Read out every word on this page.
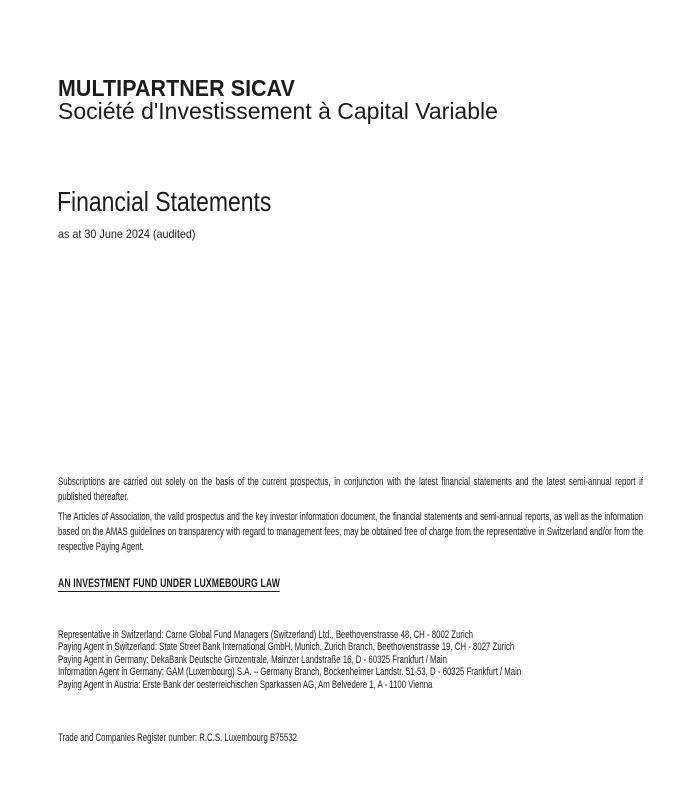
MULTIPARTNER SICAV
Société d'Investissement à Capital Variable
Financial Statements
as at 30 June 2024 (audited)

Subscriptions are carried out solely on the basis of the current prospectus, in conjunction with the latest financial statements and the latest semi-annual report if published thereafter.

The Articles of Association, the valid prospectus and the key investor information document, the financial statements and semi-annual reports, as well as the information based on the AMAS guidelines on transparency with regard to management fees, may be obtained free of charge from the representative in Switzerland and/or from the respective Paying Agent.

AN INVESTMENT FUND UNDER LUXMEBOURG LAW
Representative in Switzerland: Carne Global Fund Managers (Switzerland) Ltd., Beethovenstrasse 48, CH - 8002 Zurich
Paying Agent in Switzerland: State Street Bank International GmbH, Munich, Zurich Branch, Beethovenstrasse 19, CH - 8027 Zurich
Paying Agent in Germany: DekaBank Deutsche Girozentrale, Mainzer Landstraße 16, D - 60325 Frankfurt / Main
Information Agent in Germany: GAM (Luxembourg) S.A. – Germany Branch, Bockenheimer Landstr. 51-53, D - 60325 Frankfurt / Main
Paying Agent in Austria: Erste Bank der oesterreichischen Sparkassen AG, Am Belvedere 1, A - 1100 Vienna
Trade and Companies Register number: R.C.S. Luxembourg B75532
